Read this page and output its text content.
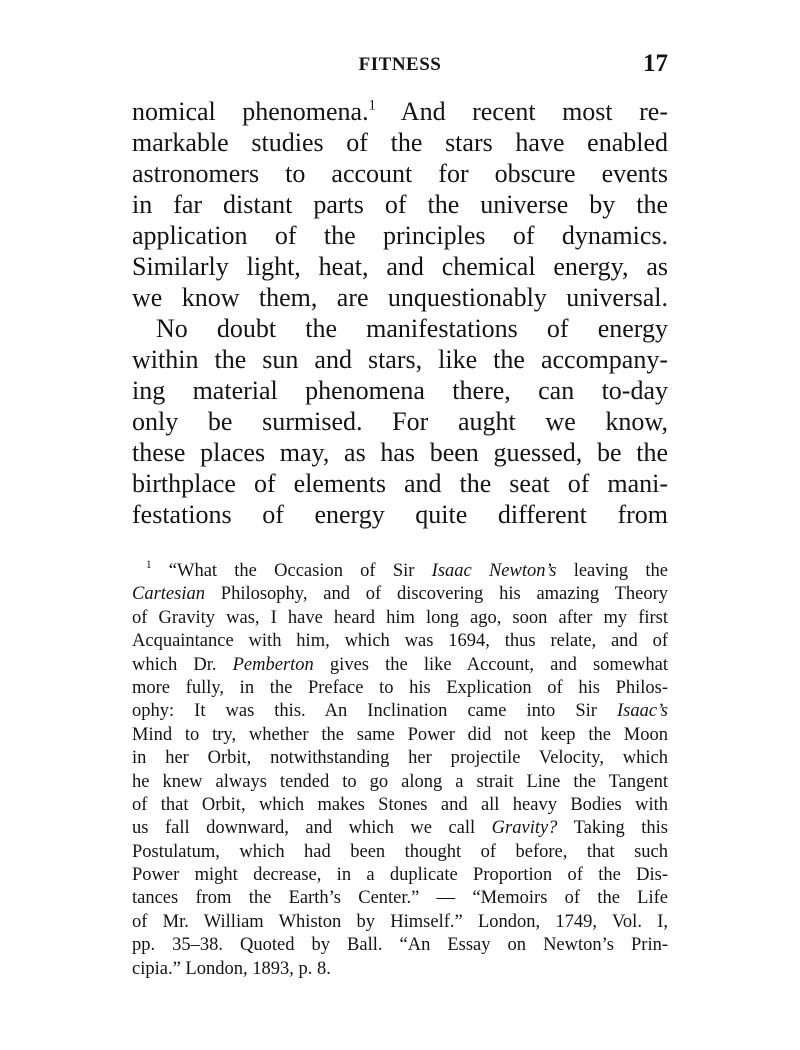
FITNESS	17
nomical phenomena.$^1$ And recent most re-
markable studies of the stars have enabled
astronomers to account for obscure events
in far distant parts of the universe by the
application of the principles of dynamics.
Similarly light, heat, and chemical energy, as
we know them, are unquestionably universal.
No doubt the manifestations of energy
within the sun and stars, like the accompany-
ing material phenomena there, can to-day
only be surmised. For aught we know,
these places may, as has been guessed, be the
birthplace of elements and the seat of mani-
festations of energy quite different from
$^1$ “What the Occasion of Sir Isaac Newton’s leaving the
Cartesian Philosophy, and of discovering his amazing Theory
of Gravity was, I have heard him long ago, soon after my first
Acquaintance with him, which was 1694, thus relate, and of
which Dr. Pemberton gives the like Account, and somewhat
more fully, in the Preface to his Explication of his Philos-
ophy: It was this. An Inclination came into Sir Isaac’s
Mind to try, whether the same Power did not keep the Moon
in her Orbit, notwithstanding her projectile Velocity, which
he knew always tended to go along a strait Line the Tangent
of that Orbit, which makes Stones and all heavy Bodies with
us fall downward, and which we call Gravity? Taking this
Postulatum, which had been thought of before, that such
Power might decrease, in a duplicate Proportion of the Dis-
tances from the Earth’s Center.” — “Memoirs of the Life
of Mr. William Whiston by Himself.” London, 1749, Vol. I,
pp. 35–38. Quoted by Ball. “An Essay on Newton’s Prin-
cipia.” London, 1893, p. 8.
